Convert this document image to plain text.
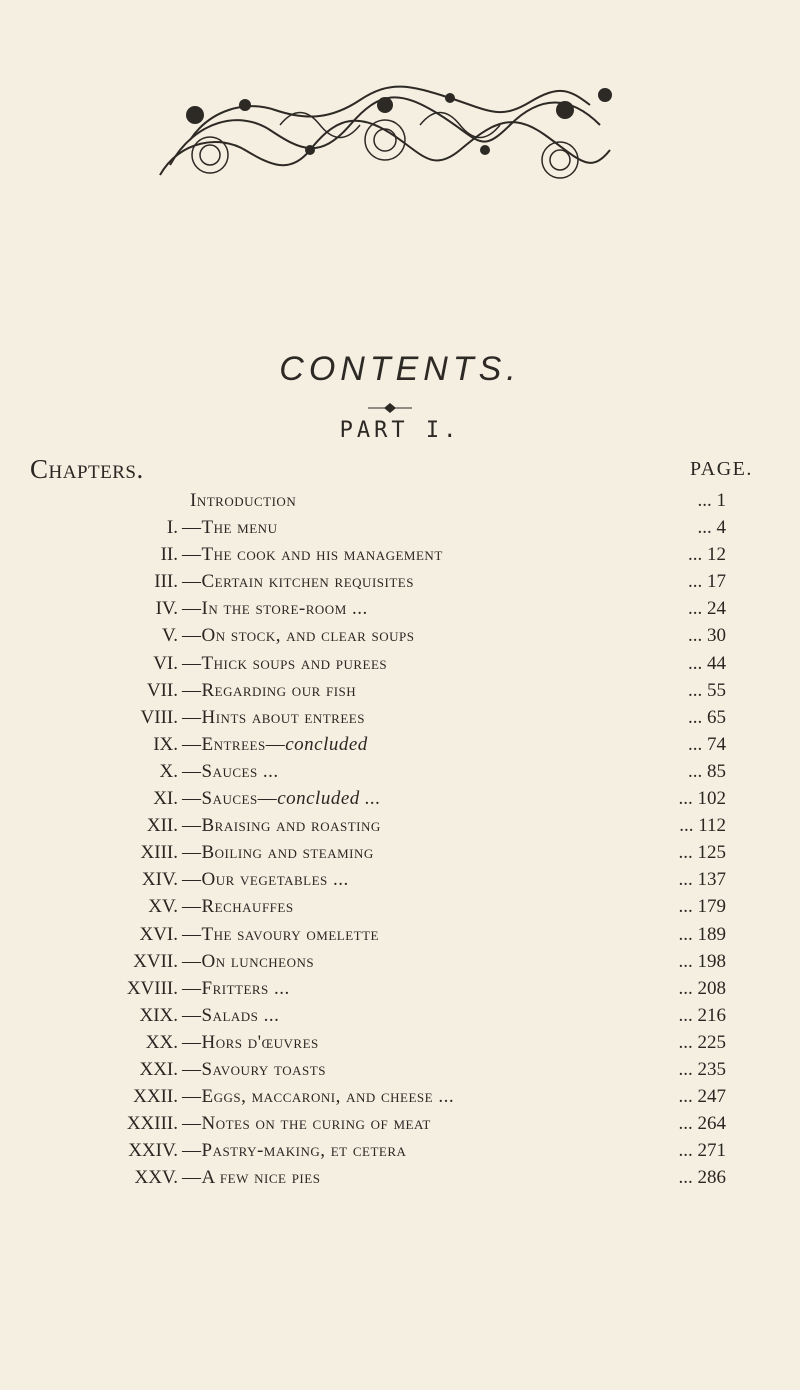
CONTENTS.
PART I.
Chapters.	PAGE.
Introduction	... 1
I. —The menu	... 4
II. —The cook and his management	... 12
III. —Certain kitchen requisites	... 17
IV. —In the store-room ...	... 24
V. —On stock, and clear soups	... 30
VI. —Thick soups and purees	... 44
VII. —Regarding our fish	... 55
VIII. —Hints about entrees	... 65
IX. —Entrees—concluded	... 74
X. —Sauces ...	... 85
XI. —Sauces—concluded ...	... 102
XII. —Braising and roasting	... 112
XIII. —Boiling and steaming	... 125
XIV. —Our vegetables ...	... 137
XV. —Rechauffes	... 179
XVI. —The savoury omelette	... 189
XVII. —On luncheons	... 198
XVIII. —Fritters ...	... 208
XIX. —Salads ...	... 216
XX. —Hors d'œuvres	... 225
XXI. —Savoury toasts	... 235
XXII. —Eggs, maccaroni, and cheese ...	... 247
XXIII. —Notes on the curing of meat	... 264
XXIV. —Pastry-making, et cetera	... 271
XXV. —A few nice pies	... 286
